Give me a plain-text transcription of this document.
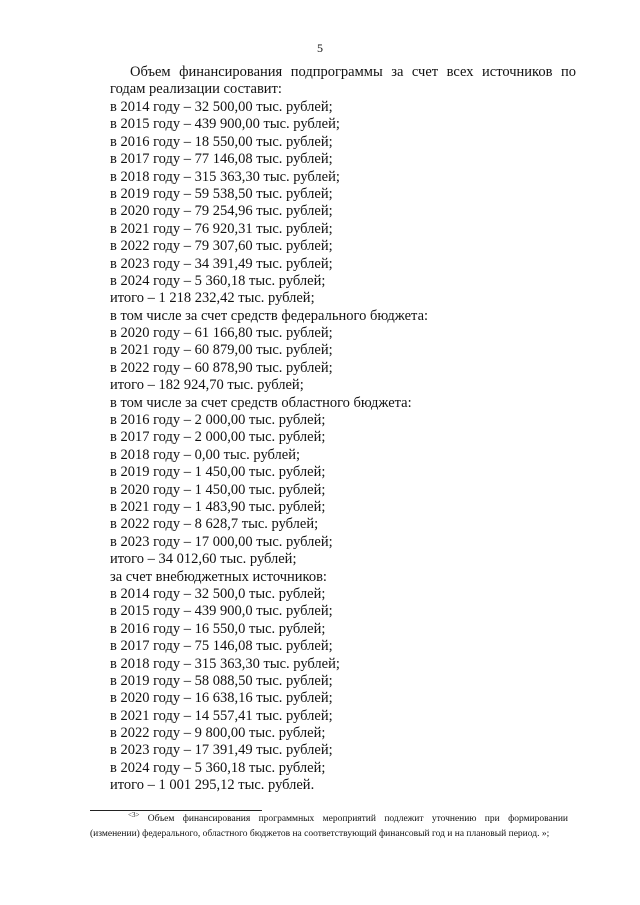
5

Объем финансирования подпрограммы за счет всех источников по годам реализации составит:

в 2014 году – 32 500,00 тыс. рублей;
в 2015 году – 439 900,00 тыс. рублей;
в 2016 году – 18 550,00 тыс. рублей;
в 2017 году – 77 146,08 тыс. рублей;
в 2018 году – 315 363,30 тыс. рублей;
в 2019 году – 59 538,50 тыс. рублей;
в 2020 году – 79 254,96 тыс. рублей;
в 2021 году – 76 920,31 тыс. рублей;
в 2022 году – 79 307,60 тыс. рублей;
в 2023 году – 34 391,49 тыс. рублей;
в 2024 году – 5 360,18 тыс. рублей;
итого – 1 218 232,42 тыс. рублей;
в том числе за счет средств федерального бюджета:
в 2020 году – 61 166,80 тыс. рублей;
в 2021 году – 60 879,00 тыс. рублей;
в 2022 году – 60 878,90 тыс. рублей;
итого – 182 924,70 тыс. рублей;
в том числе за счет средств областного бюджета:
в 2016 году – 2 000,00 тыс. рублей;
в 2017 году – 2 000,00 тыс. рублей;
в 2018 году – 0,00 тыс. рублей;
в 2019 году – 1 450,00 тыс. рублей;
в 2020 году – 1 450,00 тыс. рублей;
в 2021 году – 1 483,90 тыс. рублей;
в 2022 году – 8 628,7 тыс. рублей;
в 2023 году – 17 000,00 тыс. рублей;
итого – 34 012,60 тыс. рублей;
за счет внебюджетных источников:
в 2014 году – 32 500,0 тыс. рублей;
в 2015 году – 439 900,0 тыс. рублей;
в 2016 году – 16 550,0 тыс. рублей;
в 2017 году – 75 146,08 тыс. рублей;
в 2018 году – 315 363,30 тыс. рублей;
в 2019 году – 58 088,50 тыс. рублей;
в 2020 году – 16 638,16 тыс. рублей;
в 2021 году – 14 557,41 тыс. рублей;
в 2022 году – 9 800,00 тыс. рублей;
в 2023 году – 17 391,49 тыс. рублей;
в 2024 году – 5 360,18 тыс. рублей;
итого – 1 001 295,12 тыс. рублей.

$^{<3>}$ Объем финансирования программных мероприятий подлежит уточнению при формировании (изменении) федерального, областного бюджетов на соответствующий финансовый год и на плановый период. »;
